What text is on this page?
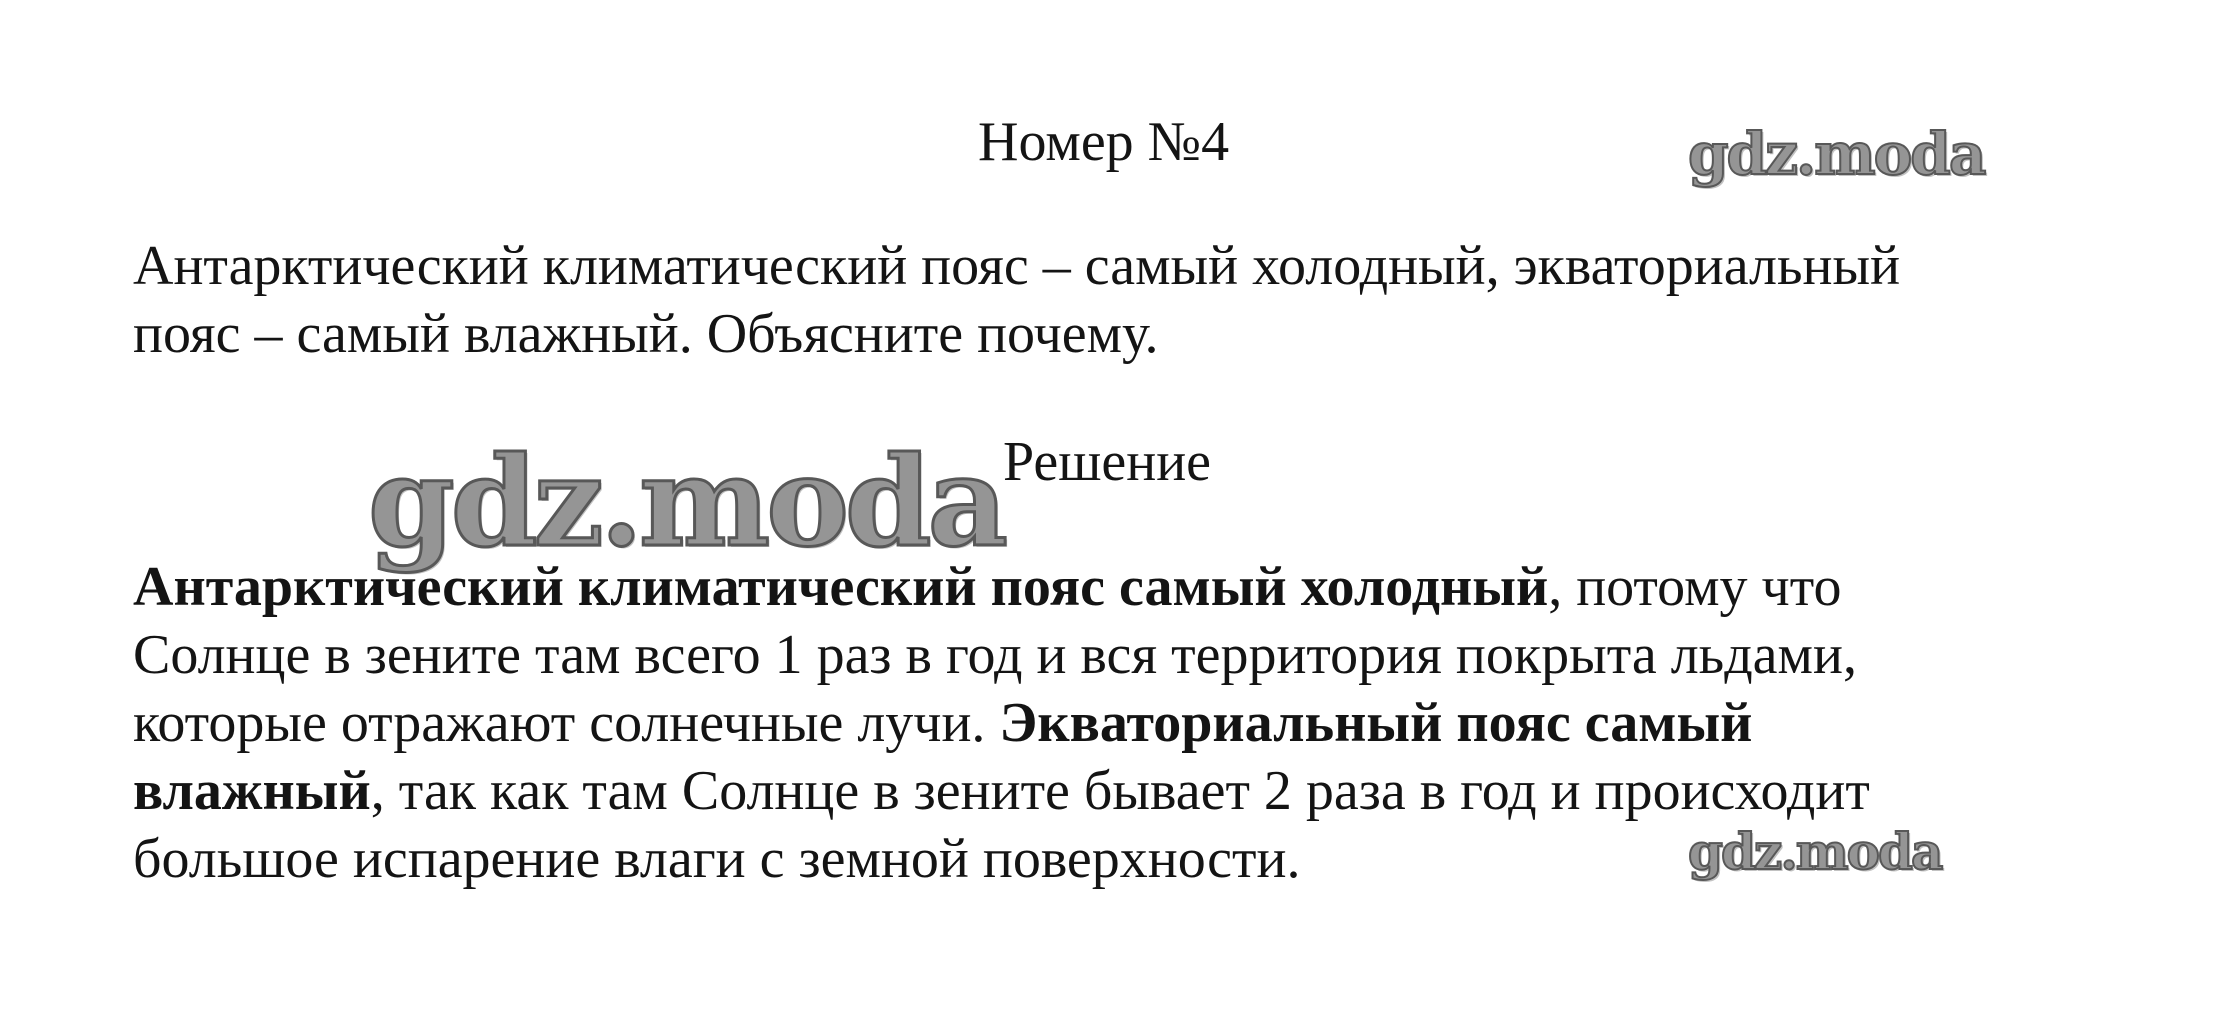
Номер №4	gdz.moda

Антарктический климатический пояс – самый холодный, экваториальный

пояс – самый влажный. Объясните почему.

gdz.moda Решение
Антарктический климатический пояс самый холодный, потому что
Солнце в зените там всего 1 раз в год и вся территория покрыта льдами,
которые отражают солнечные лучи. Экваториальный пояс самый
влажный, так как там Солнце в зените бывает 2 раза в год и происходит
большое испарение влаги с земной поверхности.	gdz.moda
